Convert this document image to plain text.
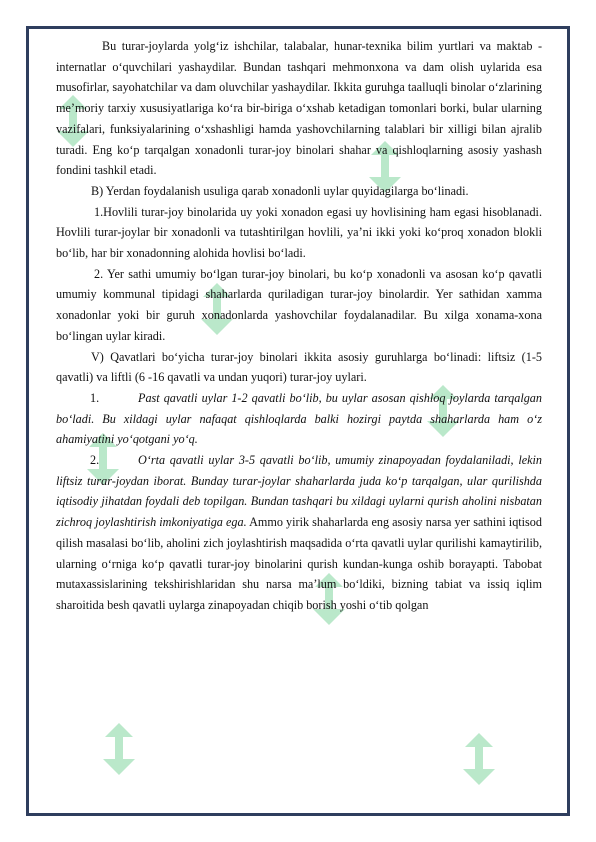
Bu turar-joylarda yolg‘iz ishchilar, talabalar, hunar-texnika bilim yurtlari va maktab - internatlar o‘quvchilari yashaydilar. Bundan tashqari mehmonxona va dam olish uylarida esa musofirlar, sayohatchilar va dam oluvchilar yashaydilar. Ikkita guruhga taalluqli binolar o‘zlarining me’moriy tarxiy xususiyatlariga ko‘ra bir-biriga o‘xshab ketadigan tomonlari borki, bular ularning vazifalari, funksiyalarining o‘xshashligi hamda yashovchilarning talablari bir xilligi bilan ajralib turadi. Eng ko‘p tarqalgan xonadonli turar-joy binolari shahar va qishloqlarning asosiy yashash fondini tashkil etadi.

B) Yerdan foydalanish usuliga qarab xonadonli uylar quyidagilarga bo‘linadi.

1.Hovlili turar-joy binolarida uy yoki xonadon egasi uy hovlisining ham egasi hisoblanadi. Hovlili turar-joylar bir xonadonli va tutashtirilgan hovlili, ya’ni ikki yoki ko‘proq xonadon blokli bo‘lib, har bir xonadonning alohida hovlisi bo‘ladi.

2. Yer sathi umumiy bo‘lgan turar-joy binolari, bu ko‘p xonadonli va asosan ko‘p qavatli umumiy kommunal tipidagi shaharlarda quriladigan turar-joy binolardir. Yer sathidan xamma xonadonlar yoki bir guruh xonadonlarda yashovchilar foydalanadilar. Bu xilga xonama-xona bo‘lingan uylar kiradi.

V) Qavatlari bo‘yicha turar-joy binolari ikkita asosiy guruhlarga bo‘linadi: liftsiz (1-5 qavatli) va liftli (6 -16 qavatli va undan yuqori) turar-joy uylari.

1.	Past qavatli uylar 1-2 qavatli bo‘lib, bu uylar asosan qishloq joylarda tarqalgan bo‘ladi. Bu xildagi uylar nafaqat qishloqlarda balki hozirgi paytda shaharlarda ham o‘z ahamiyatini yo‘qotgani yo‘q.

2.	O‘rta qavatli uylar 3-5 qavatli bo‘lib, umumiy zinapoyadan foydalaniladi, lekin liftsiz turar-joydan iborat. Bunday turar-joylar shaharlarda juda ko‘p tarqalgan, ular qurilishda iqtisodiy jihatdan foydali deb topilgan. Bundan tashqari bu xildagi uylarni qurish aholini nisbatan zichroq joylashtirish imkoniyatiga ega. Ammo yirik shaharlarda eng asosiy narsa yer sathini iqtisod qilish masalasi bo‘lib, aholini zich joylashtirish maqsadida o‘rta qavatli uylar qurilishi kamaytirilib, ularning o‘rniga ko‘p qavatli turar-joy binolarini qurish kundan-kunga oshib borayapti. Tabobat mutaxassislarining tekshirishlaridan shu narsa ma’lum bo‘ldiki, bizning tabiat va issiq iqlim sharoitida besh qavatli uylarga zinapoyadan chiqib borish yoshi o‘tib qolgan
